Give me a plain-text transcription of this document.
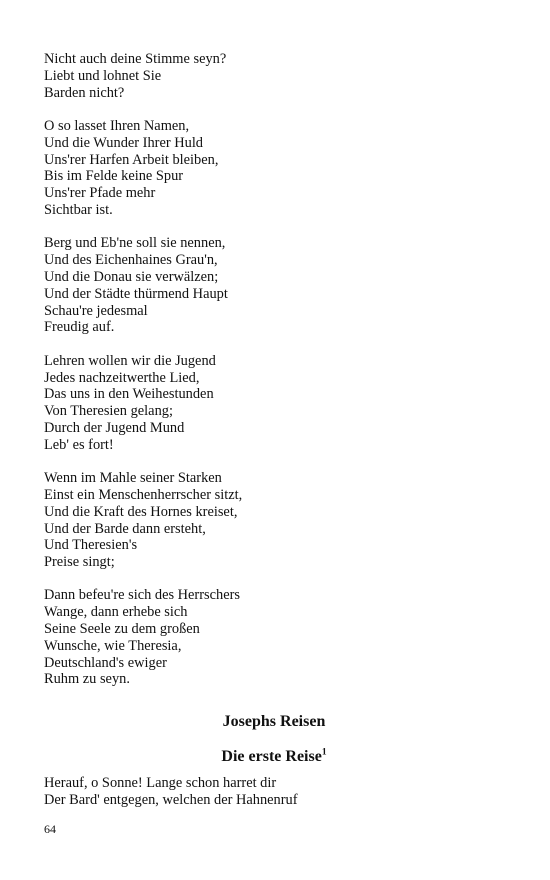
Nicht auch deine Stimme seyn?
Liebt und lohnet Sie
Barden nicht?
O so lasset Ihren Namen,
Und die Wunder Ihrer Huld
Uns'rer Harfen Arbeit bleiben,
Bis im Felde keine Spur
Uns'rer Pfade mehr
Sichtbar ist.
Berg und Eb'ne soll sie nennen,
Und des Eichenhaines Grau'n,
Und die Donau sie verwälzen;
Und der Städte thürmend Haupt
Schau're jedesmal
Freudig auf.
Lehren wollen wir die Jugend
Jedes nachzeitwerthe Lied,
Das uns in den Weihestunden
Von Theresien gelang;
Durch der Jugend Mund
Leb' es fort!
Wenn im Mahle seiner Starken
Einst ein Menschenherrscher sitzt,
Und die Kraft des Hornes kreiset,
Und der Barde dann ersteht,
Und Theresien's
Preise singt;
Dann befeu're sich des Herrschers
Wange, dann erhebe sich
Seine Seele zu dem großen
Wunsche, wie Theresia,
Deutschland's ewiger
Ruhm zu seyn.
Josephs Reisen
Die erste Reise$^1$
Herauf, o Sonne! Lange schon harret dir
Der Bard' entgegen, welchen der Hahnenruf
64
